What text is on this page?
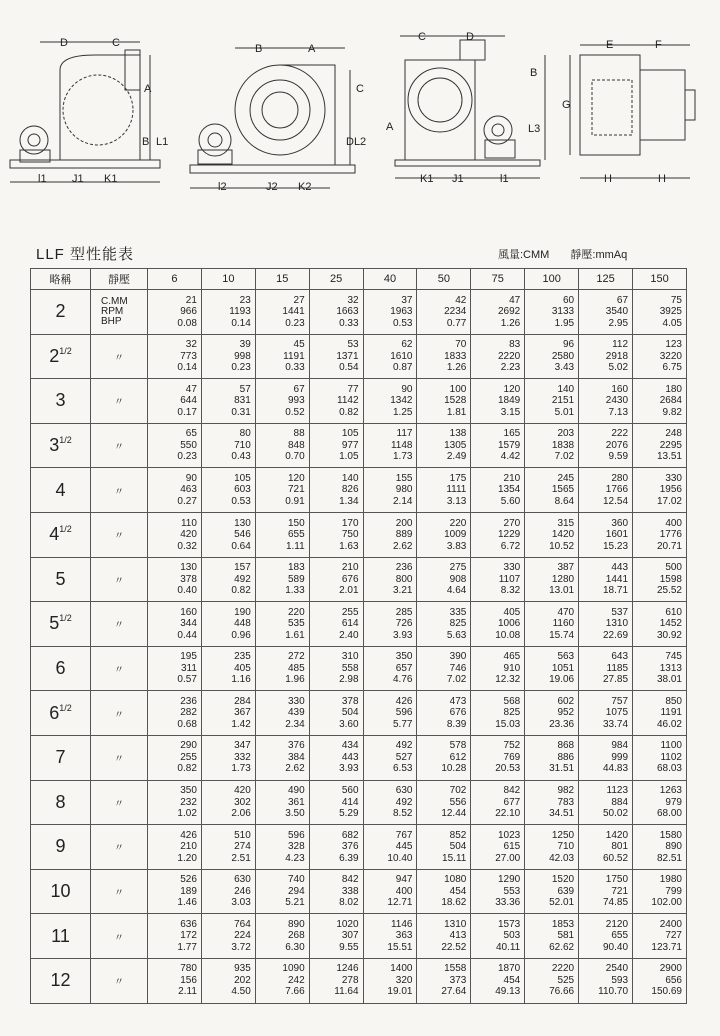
D	C
A
B L1
l1 J1 K1
B	A
C
DL2
l2	J2 K2
C	D
B
A	L3
K1 J1	l1
E	F
G
H	H
LLF 型性能表	風量:CMM 靜壓:mmAq
略稱	靜壓	6	10	15	25	40	50	75	100	125	150
2	C.MM
RPM
BHP	21
966
0.08	23
1193
0.14	27
1441
0.23	32
1663
0.33	37
1963
0.53	42
2234
0.77	47
2692
1.26	60
3133
1.95	67
3540
2.95	75
3925
4.05

$2^{1/2}$	〃	32
773
0.14	39
998
0.23	45
1191
0.33	53
1371
0.54	62
1610
0.87	70
1833
1.26	83
2220
2.23	96
2580
3.43	112
2918
5.02	123
3220
6.75

3	〃	47
644
0.17	57
831
0.31	67
993
0.52	77
1142
0.82	90
1342
1.25	100
1528
1.81	120
1849
3.15	140
2151
5.01	160
2430
7.13	180
2684
9.82

$3^{1/2}$	〃	65
550
0.23	80
710
0.43	88
848
0.70	105
977
1.05	117
1148
1.73	138
1305
2.49	165
1579
4.42	203
1838
7.02	222
2076
9.59	248
2295
13.51

4	〃	90
463
0.27	105
603
0.53	120
721
0.91	140
826
1.34	155
980
2.14	175
1111
3.13	210
1354
5.60	245
1565
8.64	280
1766
12.54	330
1956
17.02

$4^{1/2}$	〃	110
420
0.32	130
546
0.64	150
655
1.11	170
750
1.63	200
889
2.62	220
1009
3.83	270
1229
6.72	315
1420
10.52	360
1601
15.23	400
1776
20.71

5	〃	130
378
0.40	157
492
0.82	183
589
1.33	210
676
2.01	236
800
3.21	275
908
4.64	330
1107
8.32	387
1280
13.01	443
1441
18.71	500
1598
25.52

$5^{1/2}$	〃	160
344
0.44	190
448
0.96	220
535
1.61	255
614
2.40	285
726
3.93	335
825
5.63	405
1006
10.08	470
1160
15.74	537
1310
22.69	610
1452
30.92

6	〃	195
311
0.57	235
405
1.16	272
485
1.96	310
558
2.98	350
657
4.76	390
746
7.02	465
910
12.32	563
1051
19.06	643
1185
27.85	745
1313
38.01

$6^{1/2}$	〃	236
282
0.68	284
367
1.42	330
439
2.34	378
504
3.60	426
596
5.77	473
676
8.39	568
825
15.03	602
952
23.36	757
1075
33.74	850
1191
46.02

7	〃	290
255
0.82	347
332
1.73	376
384
2.62	434
443
3.93	492
527
6.53	578
612
10.28	752
769
20.53	868
886
31.51	984
999
44.83	1100
1102
68.03

8	〃	350
232
1.02	420
302
2.06	490
361
3.50	560
414
5.29	630
492
8.52	702
556
12.44	842
677
22.10	982
783
34.51	1123
884
50.02	1263
979
68.00

9	〃	426
210
1.20	510
274
2.51	596
328
4.23	682
376
6.39	767
445
10.40	852
504
15.11	1023
615
27.00	1250
710
42.03	1420
801
60.52	1580
890
82.51

10	〃	526
189
1.46	630
246
3.03	740
294
5.21	842
338
8.02	947
400
12.71	1080
454
18.62	1290
553
33.36	1520
639
52.01	1750
721
74.85	1980
799
102.00

11	〃	636
172
1.77	764
224
3.72	890
268
6.30	1020
307
9.55	1146
363
15.51	1310
413
22.52	1573
503
40.11	1853
581
62.62	2120
655
90.40	2400
727
123.71

12	〃	780
156
2.11	935
202
4.50	1090
242
7.66	1246
278
11.64	1400
320
19.01	1558
373
27.64	1870
454
49.13	2220
525
76.66	2540
593
110.70	2900
656
150.69
